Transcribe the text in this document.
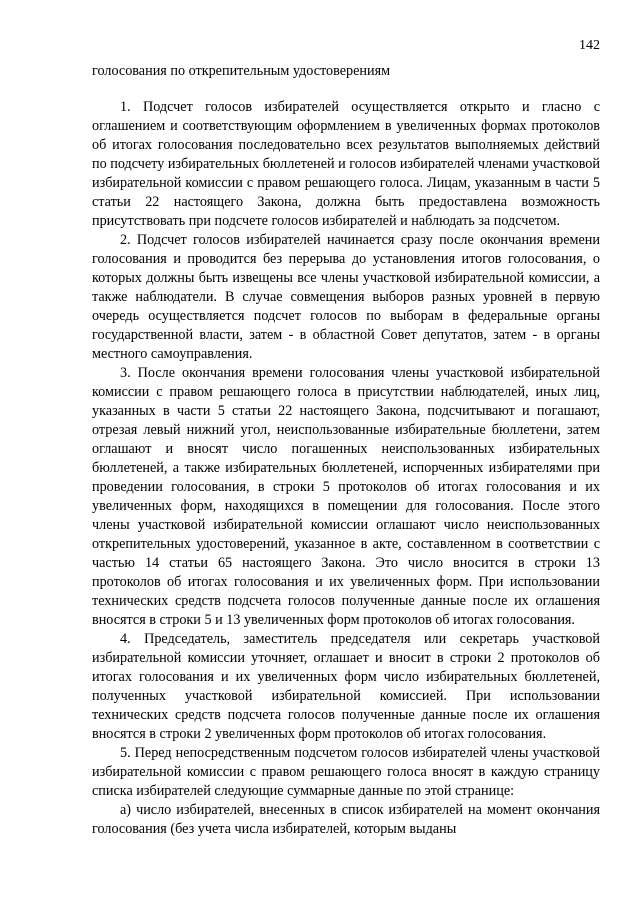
142

голосования по открепительным удостоверениям

1. Подсчет голосов избирателей осуществляется открыто и гласно с оглашением и соответствующим оформлением в увеличенных формах протоколов об итогах голосования последовательно всех результатов выполняемых действий по подсчету избирательных бюллетеней и голосов избирателей членами участковой избирательной комиссии с правом решающего голоса. Лицам, указанным в части 5 статьи 22 настоящего Закона, должна быть предоставлена возможность присутствовать при подсчете голосов избирателей и наблюдать за подсчетом.

2. Подсчет голосов избирателей начинается сразу после окончания времени голосования и проводится без перерыва до установления итогов голосования, о которых должны быть извещены все члены участковой избирательной комиссии, а также наблюдатели. В случае совмещения выборов разных уровней в первую очередь осуществляется подсчет голосов по выборам в федеральные органы государственной власти, затем - в областной Совет депутатов, затем - в органы местного самоуправления.

3. После окончания времени голосования члены участковой избирательной комиссии с правом решающего голоса в присутствии наблюдателей, иных лиц, указанных в части 5 статьи 22 настоящего Закона, подсчитывают и погашают, отрезая левый нижний угол, неиспользованные избирательные бюллетени, затем оглашают и вносят число погашенных неиспользованных избирательных бюллетеней, а также избирательных бюллетеней, испорченных избирателями при проведении голосования, в строки 5 протоколов об итогах голосования и их увеличенных форм, находящихся в помещении для голосования. После этого члены участковой избирательной комиссии оглашают число неиспользованных открепительных удостоверений, указанное в акте, составленном в соответствии с частью 14 статьи 65 настоящего Закона. Это число вносится в строки 13 протоколов об итогах голосования и их увеличенных форм. При использовании технических средств подсчета голосов полученные данные после их оглашения вносятся в строки 5 и 13 увеличенных форм протоколов об итогах голосования.

4. Председатель, заместитель председателя или секретарь участковой избирательной комиссии уточняет, оглашает и вносит в строки 2 протоколов об итогах голосования и их увеличенных форм число избирательных бюллетеней, полученных участковой избирательной комиссией. При использовании технических средств подсчета голосов полученные данные после их оглашения вносятся в строки 2 увеличенных форм протоколов об итогах голосования.

5. Перед непосредственным подсчетом голосов избирателей члены участковой избирательной комиссии с правом решающего голоса вносят в каждую страницу списка избирателей следующие суммарные данные по этой странице:

а) число избирателей, внесенных в список избирателей на момент окончания голосования (без учета числа избирателей, которым выданы
